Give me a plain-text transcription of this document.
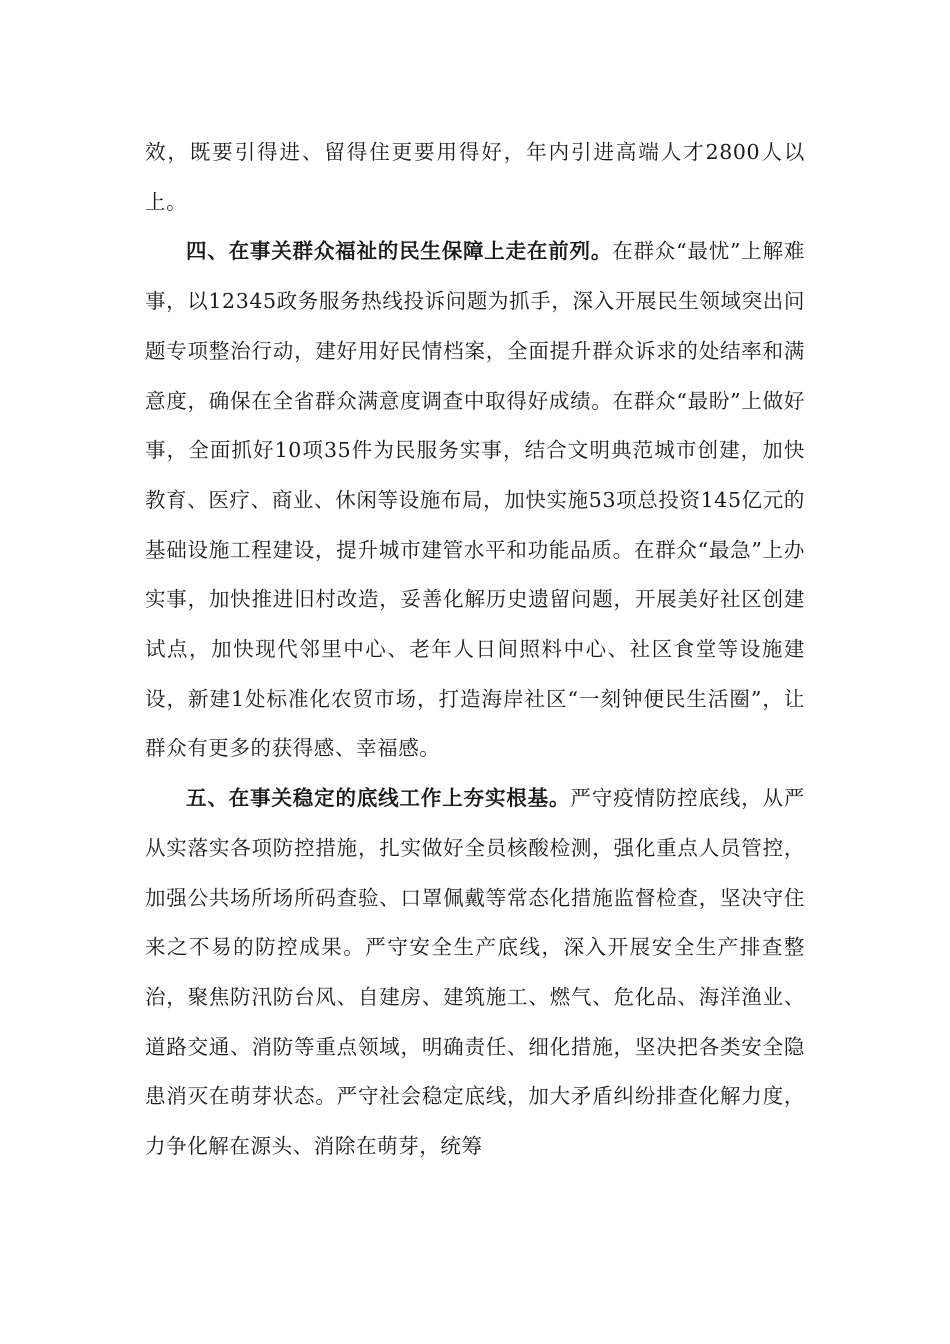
效，既要引得进、留得住更要用得好，年内引进高端人才2800人以上。

四、在事关群众福祉的民生保障上走在前列。在群众“最忧”上解难事，以12345政务服务热线投诉问题为抓手，深入开展民生领域突出问题专项整治行动，建好用好民情档案，全面提升群众诉求的处结率和满意度，确保在全省群众满意度调查中取得好成绩。在群众“最盼”上做好事，全面抓好10项35件为民服务实事，结合文明典范城市创建，加快教育、医疗、商业、休闲等设施布局，加快实施53项总投资145亿元的基础设施工程建设，提升城市建管水平和功能品质。在群众“最急”上办实事，加快推进旧村改造，妥善化解历史遗留问题，开展美好社区创建试点，加快现代邻里中心、老年人日间照料中心、社区食堂等设施建设，新建1处标准化农贸市场，打造海岸社区“一刻钟便民生活圈”，让群众有更多的获得感、幸福感。

五、在事关稳定的底线工作上夯实根基。严守疫情防控底线，从严从实落实各项防控措施，扎实做好全员核酸检测，强化重点人员管控，加强公共场所场所码查验、口罩佩戴等常态化措施监督检查，坚决守住来之不易的防控成果。严守安全生产底线，深入开展安全生产排查整治，聚焦防汛防台风、自建房、建筑施工、燃气、危化品、海洋渔业、道路交通、消防等重点领域，明确责任、细化措施，坚决把各类安全隐患消灭在萌芽状态。严守社会稳定底线，加大矛盾纠纷排查化解力度，力争化解在源头、消除在萌芽，统筹
